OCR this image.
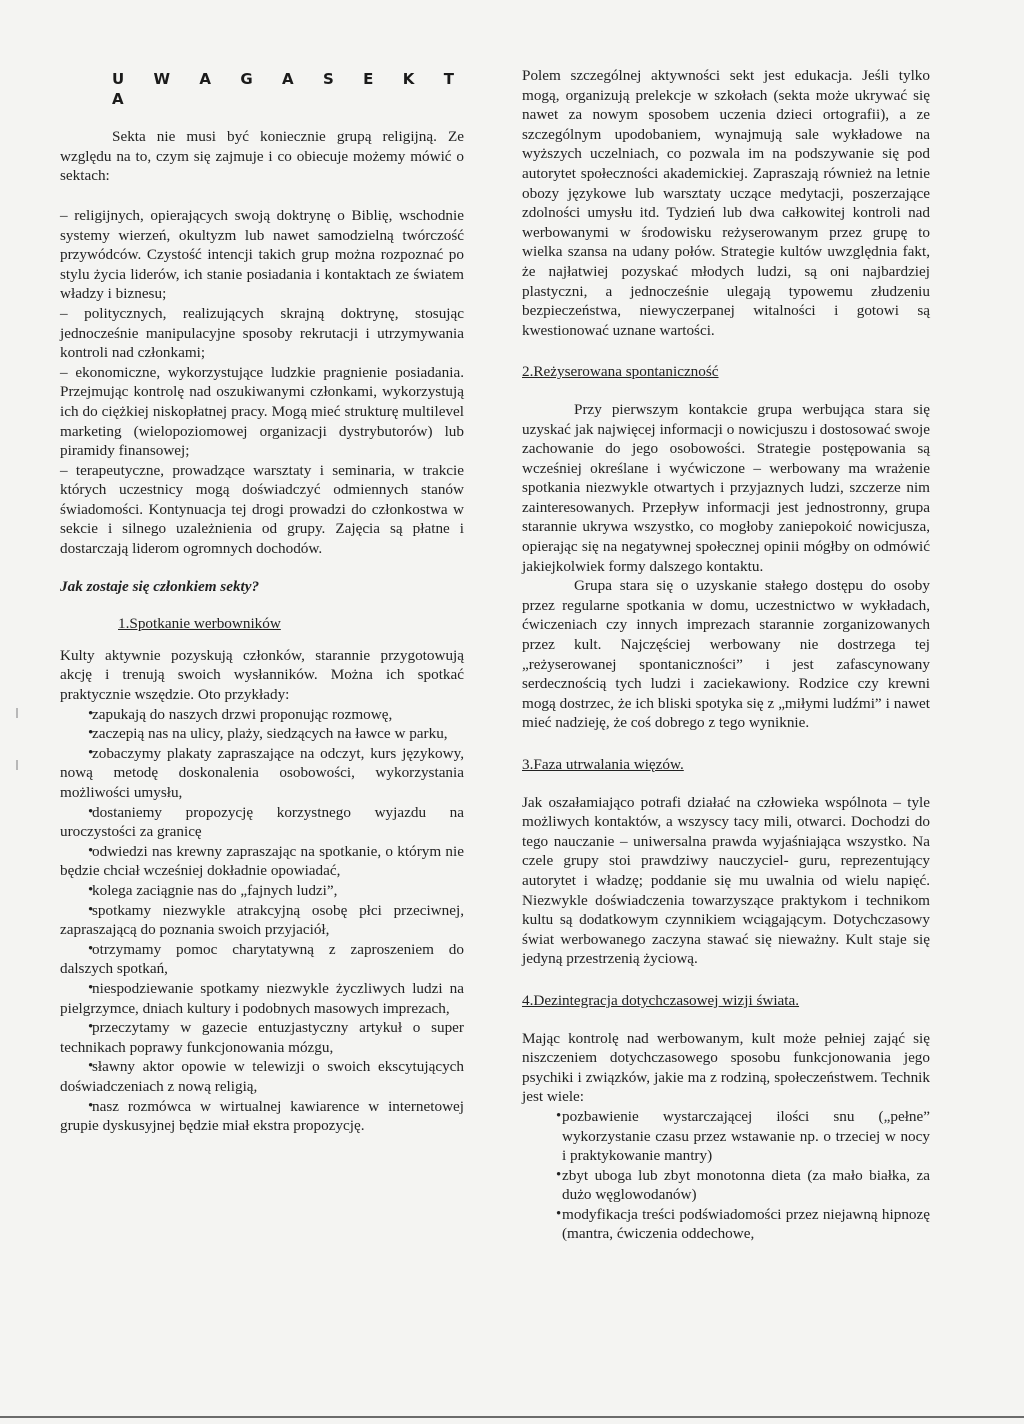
U W A G A S E K T A

Sekta nie musi być koniecznie grupą religijną. Ze względu na to, czym się zajmuje i co obiecuje możemy mówić o sektach:

– religijnych, opierających swoją doktrynę o Biblię, wschodnie systemy wierzeń, okultyzm lub nawet samodzielną twórczość przywódców. Czystość intencji takich grup można rozpoznać po stylu życia liderów, ich stanie posiadania i kontaktach ze światem władzy i biznesu;

– politycznych, realizujących skrajną doktrynę, stosując jednocześnie manipulacyjne sposoby rekrutacji i utrzymywania kontroli nad członkami;

– ekonomiczne, wykorzystujące ludzkie pragnienie posiadania. Przejmując kontrolę nad oszukiwanymi członkami, wykorzystują ich do ciężkiej niskopłatnej pracy. Mogą mieć strukturę multilevel marketing (wielopoziomowej organizacji dystrybutorów) lub piramidy finansowej;

– terapeutyczne, prowadzące warsztaty i seminaria, w trakcie których uczestnicy mogą doświadczyć odmiennych stanów świadomości. Kontynuacja tej drogi prowadzi do członkostwa w sekcie i silnego uzależnienia od grupy. Zajęcia są płatne i dostarczają liderom ogromnych dochodów.

Jak zostaje się członkiem sekty?

1.Spotkanie werbowników

Kulty aktywnie pozyskują członków, starannie przygotowują akcję i trenują swoich wysłanników. Można ich spotkać praktycznie wszędzie. Oto przykłady:

• zapukają do naszych drzwi proponując rozmowę,
• zaczepią nas na ulicy, plaży, siedzących na ławce w parku,
• zobaczymy plakaty zapraszające na odczyt, kurs językowy, nową metodę doskonalenia osobowości, wykorzystania możliwości umysłu,
• dostaniemy propozycję korzystnego wyjazdu na uroczystości za granicę
• odwiedzi nas krewny zapraszając na spotkanie, o którym nie będzie chciał wcześniej dokładnie opowiadać,
• kolega zaciągnie nas do „fajnych ludzi”,
• spotkamy niezwykle atrakcyjną osobę płci przeciwnej, zapraszającą do poznania swoich przyjaciół,
• otrzymamy pomoc charytatywną z zaproszeniem do dalszych spotkań,
• niespodziewanie spotkamy niezwykle życzliwych ludzi na pielgrzymce, dniach kultury i podobnych masowych imprezach,
• przeczytamy w gazecie entuzjastyczny artykuł o super technikach poprawy funkcjonowania mózgu,
• sławny aktor opowie w telewizji o swoich ekscytujących doświadczeniach z nową religią,
• nasz rozmówca w wirtualnej kawiarence w internetowej grupie dyskusyjnej będzie miał ekstra propozycję.

Polem szczególnej aktywności sekt jest edukacja. Jeśli tylko mogą, organizują prelekcje w szkołach (sekta może ukrywać się nawet za nowym sposobem uczenia dzieci ortografii), a ze szczególnym upodobaniem, wynajmują sale wykładowe na wyższych uczelniach, co pozwala im na podszywanie się pod autorytet społeczności akademickiej. Zapraszają również na letnie obozy językowe lub warsztaty uczące medytacji, poszerzające zdolności umysłu itd. Tydzień lub dwa całkowitej kontroli nad werbowanymi w środowisku reżyserowanym przez grupę to wielka szansa na udany połów. Strategie kultów uwzględnia fakt, że najłatwiej pozyskać młodych ludzi, są oni najbardziej plastyczni, a jednocześnie ulegają typowemu złudzeniu bezpieczeństwa, niewyczerpanej witalności i gotowi są kwestionować uznane wartości.

2.Reżyserowana spontaniczność

Przy pierwszym kontakcie grupa werbująca stara się uzyskać jak najwięcej informacji o nowicjuszu i dostosować swoje zachowanie do jego osobowości. Strategie postępowania są wcześniej określane i wyćwiczone – werbowany ma wrażenie spotkania niezwykle otwartych i przyjaznych ludzi, szczerze nim zainteresowanych. Przepływ informacji jest jednostronny, grupa starannie ukrywa wszystko, co mogłoby zaniepokoić nowicjusza, opierając się na negatywnej społecznej opinii mógłby on odmówić jakiejkolwiek formy dalszego kontaktu.

Grupa stara się o uzyskanie stałego dostępu do osoby przez regularne spotkania w domu, uczestnictwo w wykładach, ćwiczeniach czy innych imprezach starannie zorganizowanych przez kult. Najczęściej werbowany nie dostrzega tej „reżyserowanej spontaniczności” i jest zafascynowany serdecznością tych ludzi i zaciekawiony. Rodzice czy krewni mogą dostrzec, że ich bliski spotyka się z „miłymi ludźmi” i nawet mieć nadzieję, że coś dobrego z tego wyniknie.

3.Faza utrwalania więzów.

Jak oszałamiająco potrafi działać na człowieka wspólnota – tyle możliwych kontaktów, a wszyscy tacy mili, otwarci. Dochodzi do tego nauczanie – uniwersalna prawda wyjaśniająca wszystko. Na czele grupy stoi prawdziwy nauczyciel- guru, reprezentujący autorytet i władzę; poddanie się mu uwalnia od wielu napięć. Niezwykle doświadczenia towarzyszące praktykom i technikom kultu są dodatkowym czynnikiem wciągającym. Dotychczasowy świat werbowanego zaczyna stawać się nieważny. Kult staje się jedyną przestrzenią życiową.

4.Dezintegracja dotychczasowej wizji świata.

Mając kontrolę nad werbowanym, kult może pełniej zająć się niszczeniem dotychczasowego sposobu funkcjonowania jego psychiki i związków, jakie ma z rodziną, społeczeństwem. Technik jest wiele:

• pozbawienie wystarczającej ilości snu („pełne” wykorzystanie czasu przez wstawanie np. o trzeciej w nocy i praktykowanie mantry)
• zbyt uboga lub zbyt monotonna dieta (za mało białka, za dużo węglowodanów)
• modyfikacja treści podświadomości przez niejawną hipnozę (mantra, ćwiczenia oddechowe,
